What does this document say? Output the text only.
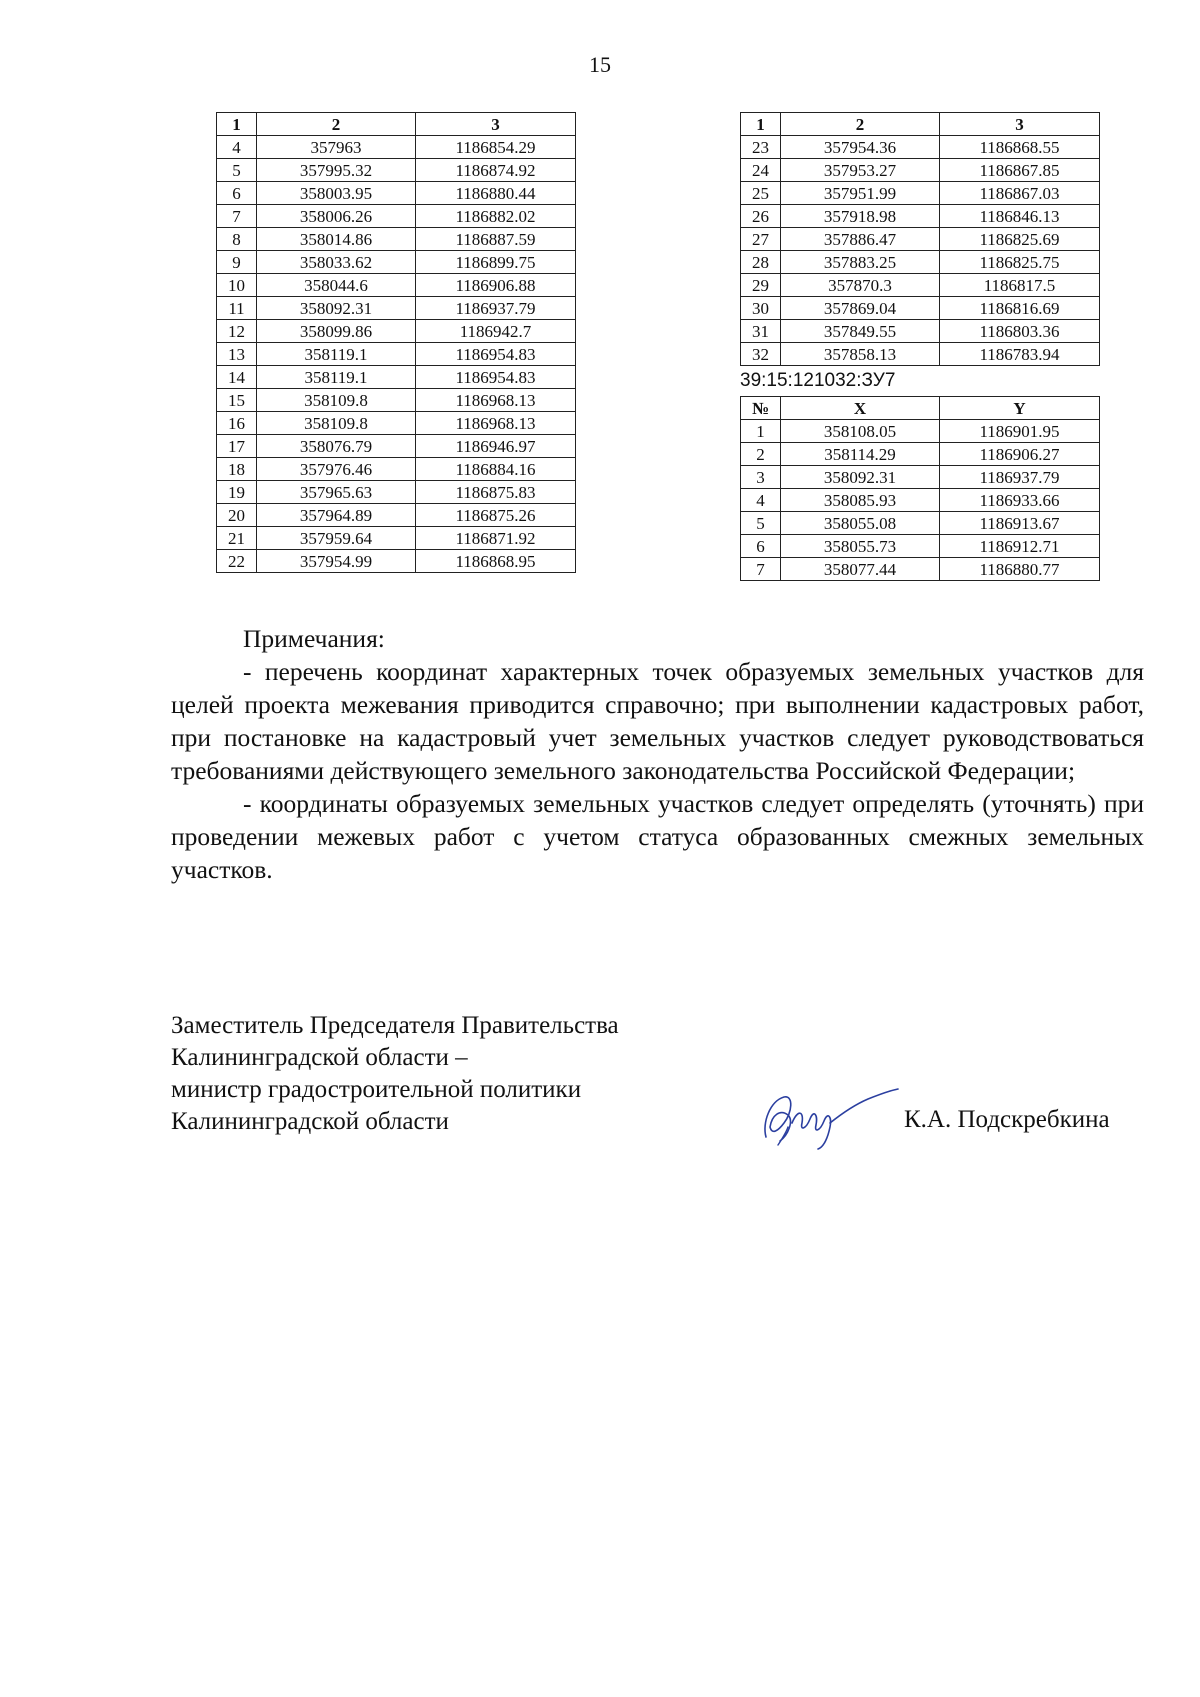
15
1	2	3
4	357963	1186854.29
5	357995.32	1186874.92
6	358003.95	1186880.44
7	358006.26	1186882.02
8	358014.86	1186887.59
9	358033.62	1186899.75
10	358044.6	1186906.88
11	358092.31	1186937.79
12	358099.86	1186942.7
13	358119.1	1186954.83
14	358119.1	1186954.83
15	358109.8	1186968.13
16	358109.8	1186968.13
17	358076.79	1186946.97
18	357976.46	1186884.16
19	357965.63	1186875.83
20	357964.89	1186875.26
21	357959.64	1186871.92
22	357954.99	1186868.95
1	2	3
23	357954.36	1186868.55
24	357953.27	1186867.85
25	357951.99	1186867.03
26	357918.98	1186846.13
27	357886.47	1186825.69
28	357883.25	1186825.75
29	357870.3	1186817.5
30	357869.04	1186816.69
31	357849.55	1186803.36
32	357858.13	1186783.94
39:15:121032:ЗУ7
№	X	Y
1	358108.05	1186901.95
2	358114.29	1186906.27
3	358092.31	1186937.79
4	358085.93	1186933.66
5	358055.08	1186913.67
6	358055.73	1186912.71
7	358077.44	1186880.77
Примечания:

- перечень координат характерных точек образуемых земельных участков для целей проекта межевания приводится справочно; при выполнении кадастровых работ, при постановке на кадастровый учет земельных участков следует руководствоваться требованиями действующего земельного законодательства Российской Федерации;

- координаты образуемых земельных участков следует определять (уточнять) при проведении межевых работ с учетом статуса образованных смежных земельных участков.

Заместитель Председателя Правительства
Калининградской области –
министр градостроительной политики
Калининградской области	К.А. Подскребкина
